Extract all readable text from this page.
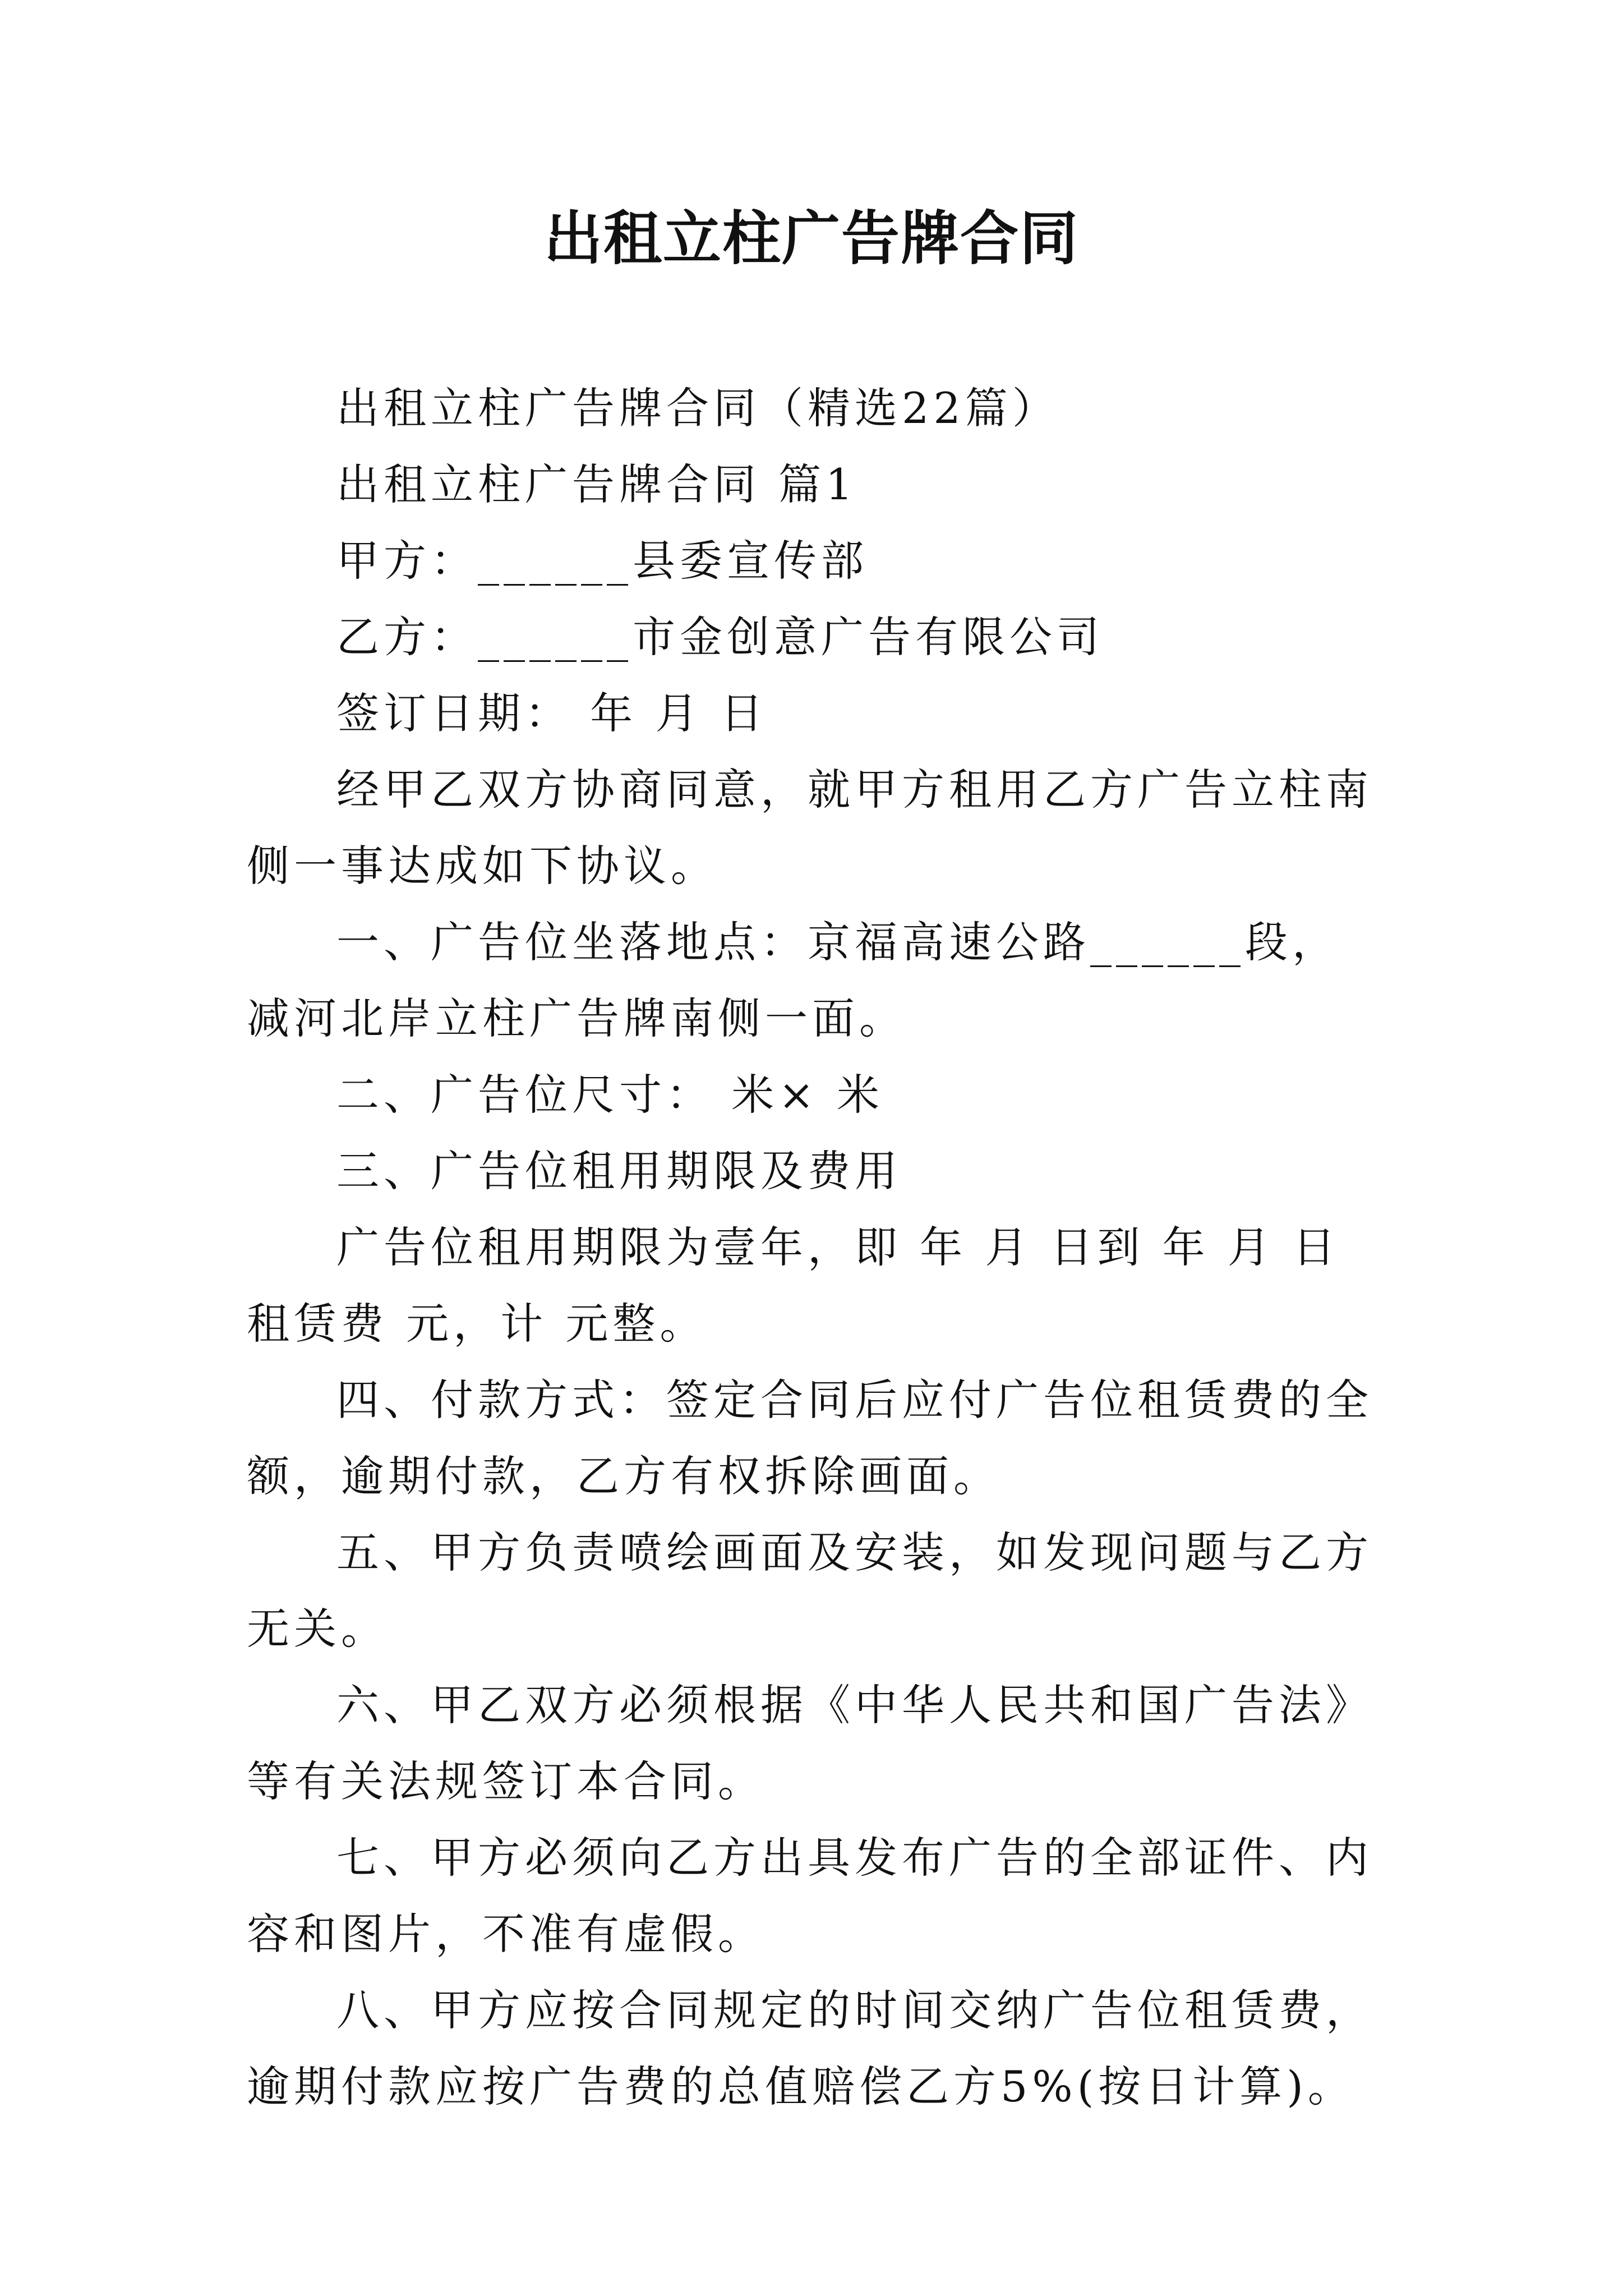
出租立柱广告牌合同

出租立柱广告牌合同（精选22篇）

出租立柱广告牌合同 篇1

甲方：______县委宣传部

乙方：______市金创意广告有限公司

签订日期： 年 月 日

经甲乙双方协商同意，就甲方租用乙方广告立柱南侧一事达成如下协议。

一、广告位坐落地点：京福高速公路______段，减河北岸立柱广告牌南侧一面。

二、广告位尺寸： 米× 米

三、广告位租用期限及费用

广告位租用期限为壹年，即 年 月 日到 年 月 日租赁费 元，计 元整。

四、付款方式：签定合同后应付广告位租赁费的全额，逾期付款，乙方有权拆除画面。

五、甲方负责喷绘画面及安装，如发现问题与乙方无关。

六、甲乙双方必须根据《中华人民共和国广告法》等有关法规签订本合同。

七、甲方必须向乙方出具发布广告的全部证件、内容和图片，不准有虚假。

八、甲方应按合同规定的时间交纳广告位租赁费，逾期付款应按广告费的总值赔偿乙方5%(按日计算)。
